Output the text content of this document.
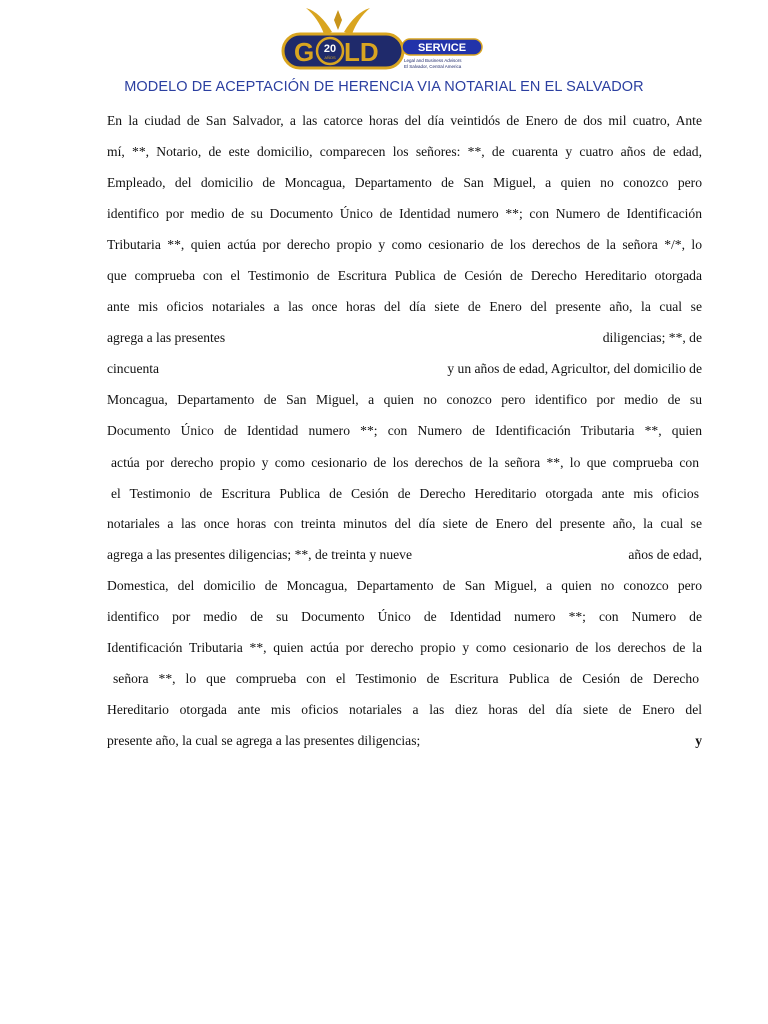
G LD
20
AÑOS
SERVICE
Legal and Business Advisors
El Salvador, Central America
MODELO DE ACEPTACIÓN DE HERENCIA VIA NOTARIAL EN EL SALVADOR
En la ciudad de San Salvador, a las catorce horas del día veintidós de Enero de dos mil cuatro, Ante
mí, **, Notario, de este domicilio, comparecen los señores: **, de cuarenta y cuatro años de edad,
Empleado, del domicilio de Moncagua, Departamento de San Miguel, a quien no conozco pero
identifico por medio de su Documento Único de Identidad numero **; con Numero de Identificación
Tributaria **, quien actúa por derecho propio y como cesionario de los derechos de la señora */*, lo
que comprueba con el Testimonio de Escritura Publica de Cesión de Derecho Hereditario otorgada
ante mis oficios notariales a las once horas del día siete de Enero del presente año, la cual se
agrega a las presentes	diligencias; **, de
cincuenta	y un años de edad, Agricultor, del domicilio de
Moncagua, Departamento de San Miguel, a quien no conozco pero identifico por medio de su
Documento Único de Identidad numero **; con Numero de Identificación Tributaria **, quien
actúa por derecho propio y como cesionario de los derechos de la señora **, lo que comprueba con
el Testimonio de Escritura Publica de Cesión de Derecho Hereditario otorgada ante mis oficios
notariales a las once horas con treinta minutos del día siete de Enero del presente año, la cual se
agrega a las presentes diligencias; **, de treinta y nueve	años de edad,
Domestica, del domicilio de Moncagua, Departamento de San Miguel, a quien no conozco pero
identifico por medio de su Documento Único de Identidad numero **; con Numero de
Identificación Tributaria **, quien actúa por derecho propio y como cesionario de los derechos de la
señora **, lo que comprueba con el Testimonio de Escritura Publica de Cesión de Derecho
Hereditario otorgada ante mis oficios notariales a las diez horas del día siete de Enero del
presente año, la cual se agrega a las presentes diligencias;	y
